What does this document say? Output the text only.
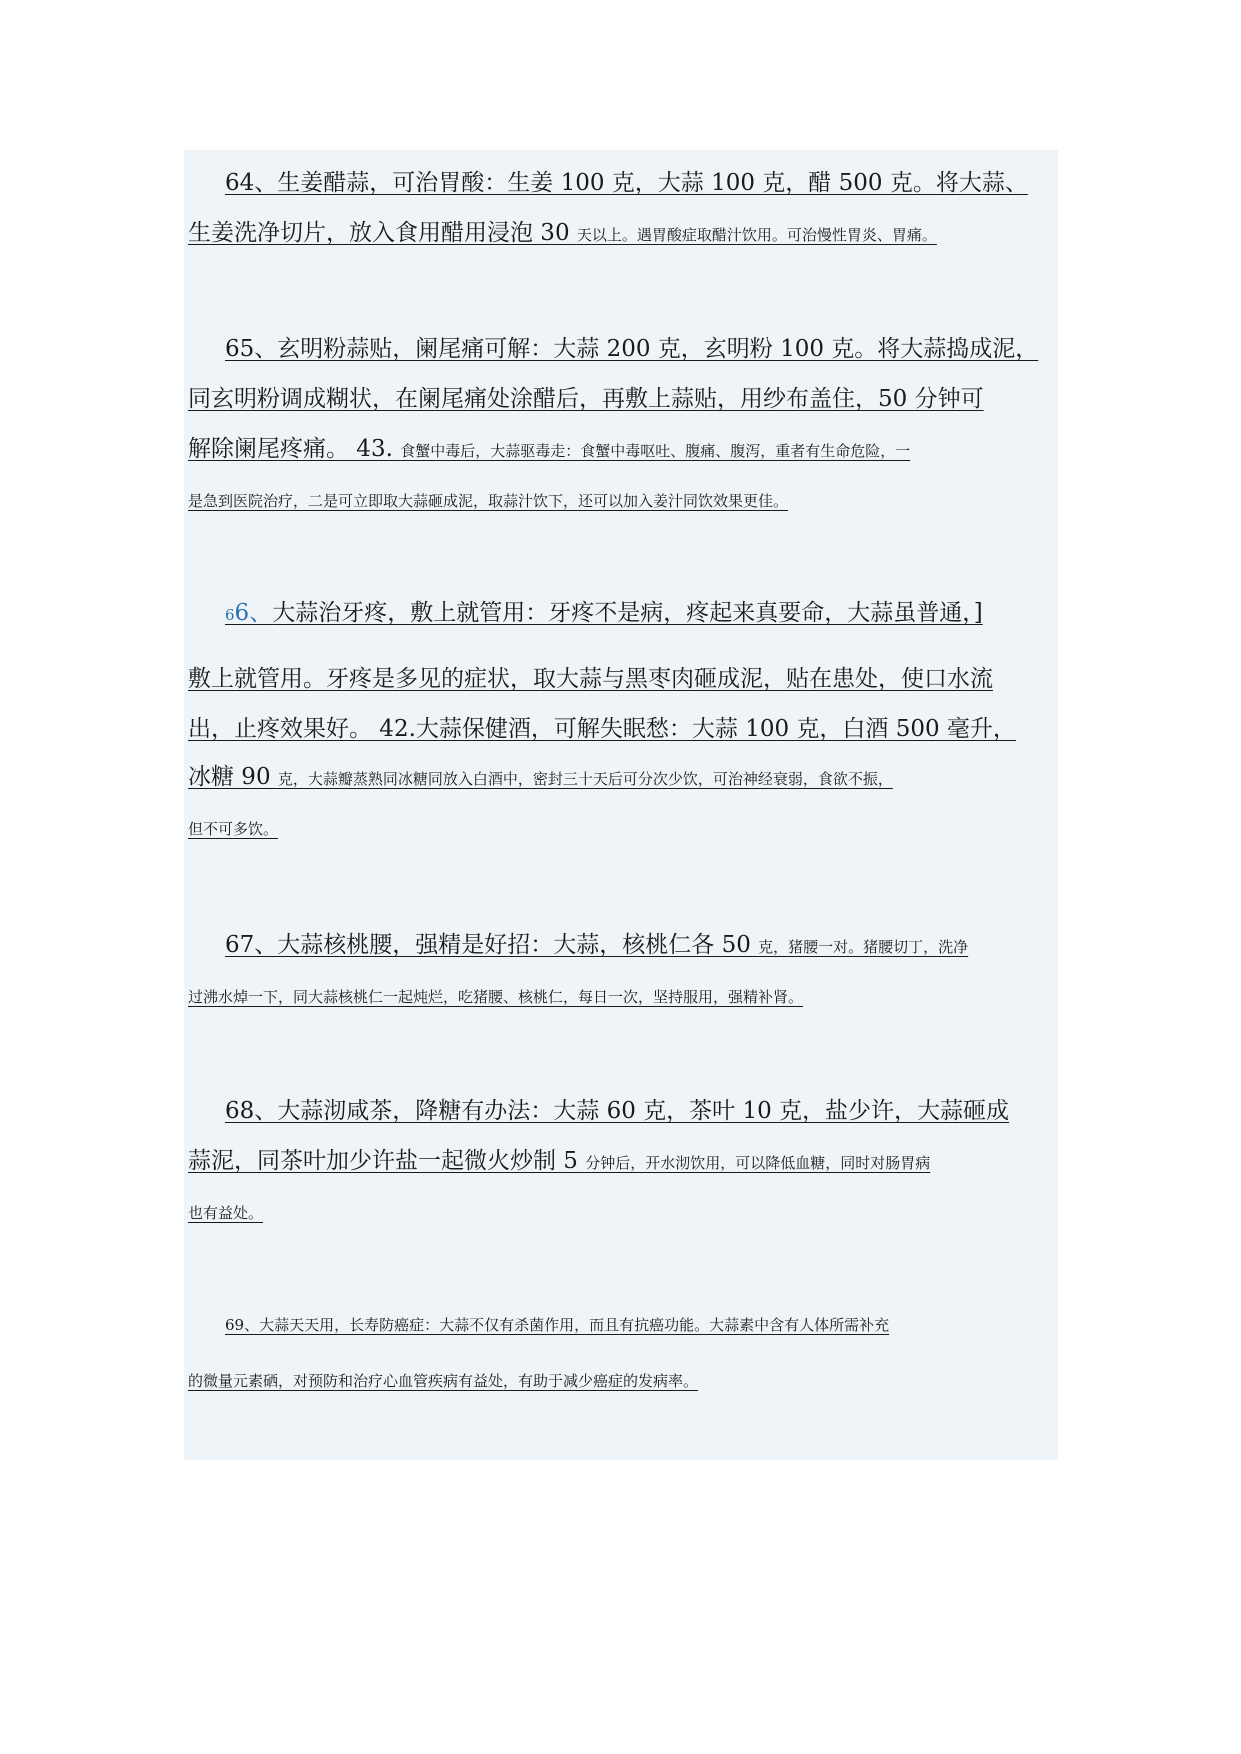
64、生姜醋蒜，可治胃酸：生姜 100 克，大蒜 100 克，醋 500 克。将大蒜、
生姜洗净切片，放入食用醋用浸泡 30 天以上。遇胃酸症取醋汁饮用。可治慢性胃炎、胃痛。
65、玄明粉蒜贴，阑尾痛可解：大蒜 200 克，玄明粉 100 克。将大蒜捣成泥，
同玄明粉调成糊状，在阑尾痛处涂醋后，再敷上蒜贴，用纱布盖住，50 分钟可
解除阑尾疼痛。 43. 食蟹中毒后，大蒜驱毒走：食蟹中毒呕吐、腹痛、腹泻，重者有生命危险，一
是急到医院治疗，二是可立即取大蒜砸成泥，取蒜汁饮下，还可以加入姜汁同饮效果更佳。
66、大蒜治牙疼，敷上就管用：牙疼不是病，疼起来真要命，大蒜虽普通，]
敷上就管用。牙疼是多见的症状，取大蒜与黑枣肉砸成泥，贴在患处，使口水流
出，止疼效果好。 42.大蒜保健酒，可解失眠愁：大蒜 100 克，白酒 500 毫升，
冰糖 90 克，大蒜瓣蒸熟同冰糖同放入白酒中，密封三十天后可分次少饮，可治神经衰弱，食欲不振，
但不可多饮。
67、大蒜核桃腰，强精是好招：大蒜，核桃仁各 50 克，猪腰一对。猪腰切丁，洗净
过沸水焯一下，同大蒜核桃仁一起炖烂，吃猪腰、核桃仁，每日一次，坚持服用，强精补肾。
68、大蒜沏咸茶，降糖有办法：大蒜 60 克，茶叶 10 克，盐少许，大蒜砸成
蒜泥，同茶叶加少许盐一起微火炒制 5 分钟后，开水沏饮用，可以降低血糖，同时对肠胃病
也有益处。
69、大蒜天天用，长寿防癌症：大蒜不仅有杀菌作用，而且有抗癌功能。大蒜素中含有人体所需补充
的微量元素硒，对预防和治疗心血管疾病有益处，有助于减少癌症的发病率。
